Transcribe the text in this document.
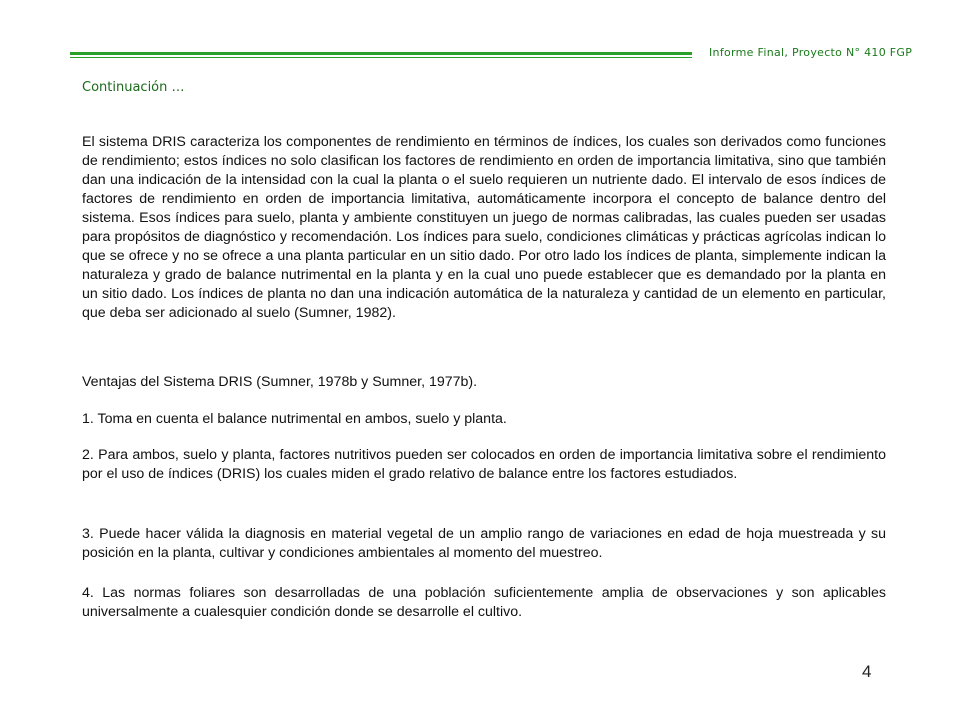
Informe Final, Proyecto N° 410 FGP
Continuación …

El sistema DRIS caracteriza los componentes de rendimiento en términos de índices, los cuales son derivados como funciones de rendimiento; estos índices no solo clasifican los factores de rendimiento en orden de importancia limitativa, sino que también dan una indicación de la intensidad con la cual la planta o el suelo requieren un nutriente dado. El intervalo de esos índices de factores de rendimiento en orden de importancia limitativa, automáticamente incorpora el concepto de balance dentro del sistema. Esos índices para suelo, planta y ambiente constituyen un juego de normas calibradas, las cuales pueden ser usadas para propósitos de diagnóstico y recomendación. Los índices para suelo, condiciones climáticas y prácticas agrícolas indican lo que se ofrece y no se ofrece a una planta particular en un sitio dado. Por otro lado los índices de planta, simplemente indican la naturaleza y grado de balance nutrimental en la planta y en la cual uno puede establecer que es demandado por la planta en un sitio dado. Los índices de planta no dan una indicación automática de la naturaleza y cantidad de un elemento en particular, que deba ser adicionado al suelo (Sumner, 1982).

Ventajas del Sistema DRIS (Sumner, 1978b y Sumner, 1977b).

1. Toma en cuenta el balance nutrimental en ambos, suelo y planta.

2. Para ambos, suelo y planta, factores nutritivos pueden ser colocados en orden de importancia limitativa sobre el rendimiento por el uso de índices (DRIS) los cuales miden el grado relativo de balance entre los factores estudiados.

3. Puede hacer válida la diagnosis en material vegetal de un amplio rango de variaciones en edad de hoja muestreada y su posición en la planta, cultivar y condiciones ambientales al momento del muestreo.

4. Las normas foliares son desarrolladas de una población suficientemente amplia de observaciones y son aplicables universalmente a cualesquier condición donde se desarrolle el cultivo.

4
